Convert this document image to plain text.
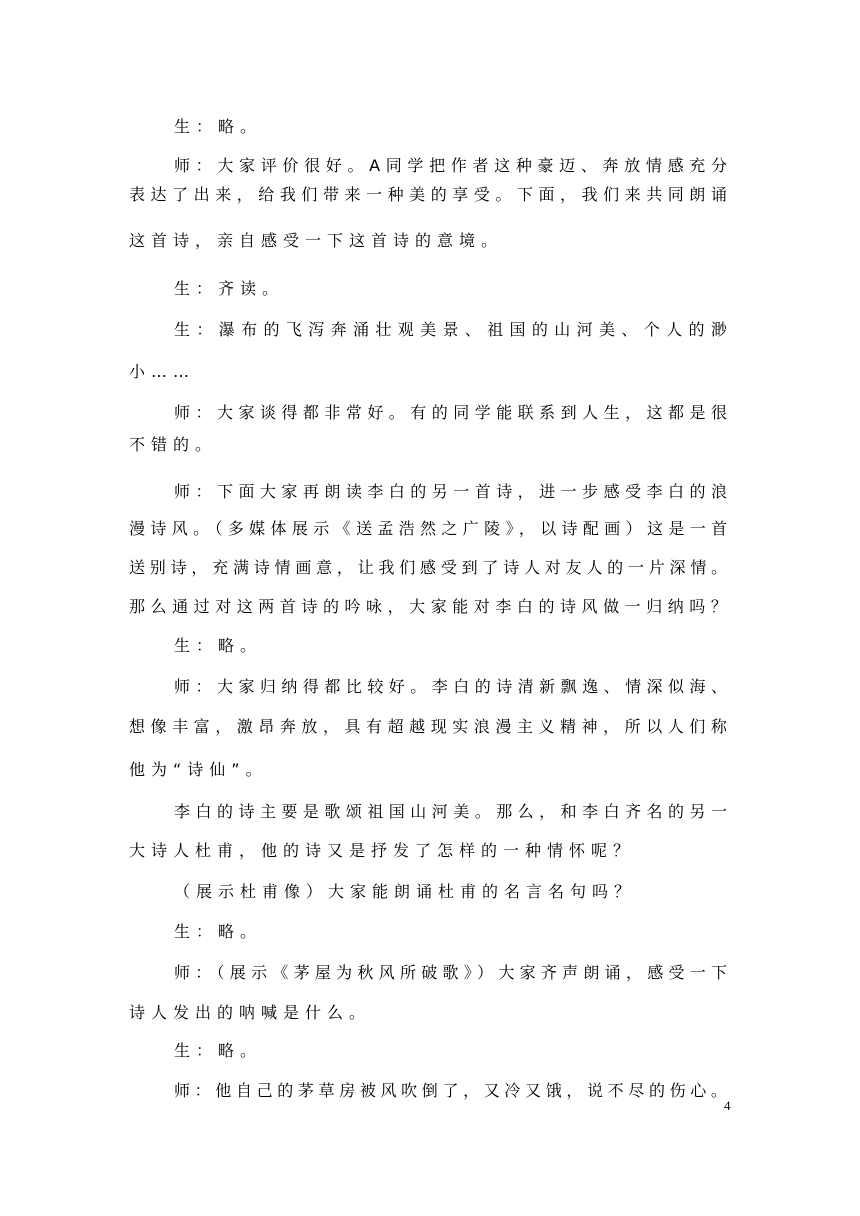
生：略。
师：大家评价很好。A同学把作者这种豪迈、奔放情感充分
表达了出来，给我们带来一种美的享受。下面，我们来共同朗诵
这首诗，亲自感受一下这首诗的意境。
生：齐读。
生：瀑布的飞泻奔涌壮观美景、祖国的山河美、个人的渺
小……
师：大家谈得都非常好。有的同学能联系到人生，这都是很
不错的。
师：下面大家再朗读李白的另一首诗，进一步感受李白的浪
漫诗风。（多媒体展示《送孟浩然之广陵》，以诗配画）这是一首
送别诗，充满诗情画意，让我们感受到了诗人对友人的一片深情。
那么通过对这两首诗的吟咏，大家能对李白的诗风做一归纳吗？
生：略。
师：大家归纳得都比较好。李白的诗清新飘逸、情深似海、
想像丰富，激昂奔放，具有超越现实浪漫主义精神，所以人们称
他为“诗仙”。
李白的诗主要是歌颂祖国山河美。那么，和李白齐名的另一
大诗人杜甫，他的诗又是抒发了怎样的一种情怀呢？
（展示杜甫像）大家能朗诵杜甫的名言名句吗？
生：略。
师：（展示《茅屋为秋风所破歌》）大家齐声朗诵，感受一下
诗人发出的呐喊是什么。
生：略。
师：他自己的茅草房被风吹倒了，又冷又饿，说不尽的伤心。
4
